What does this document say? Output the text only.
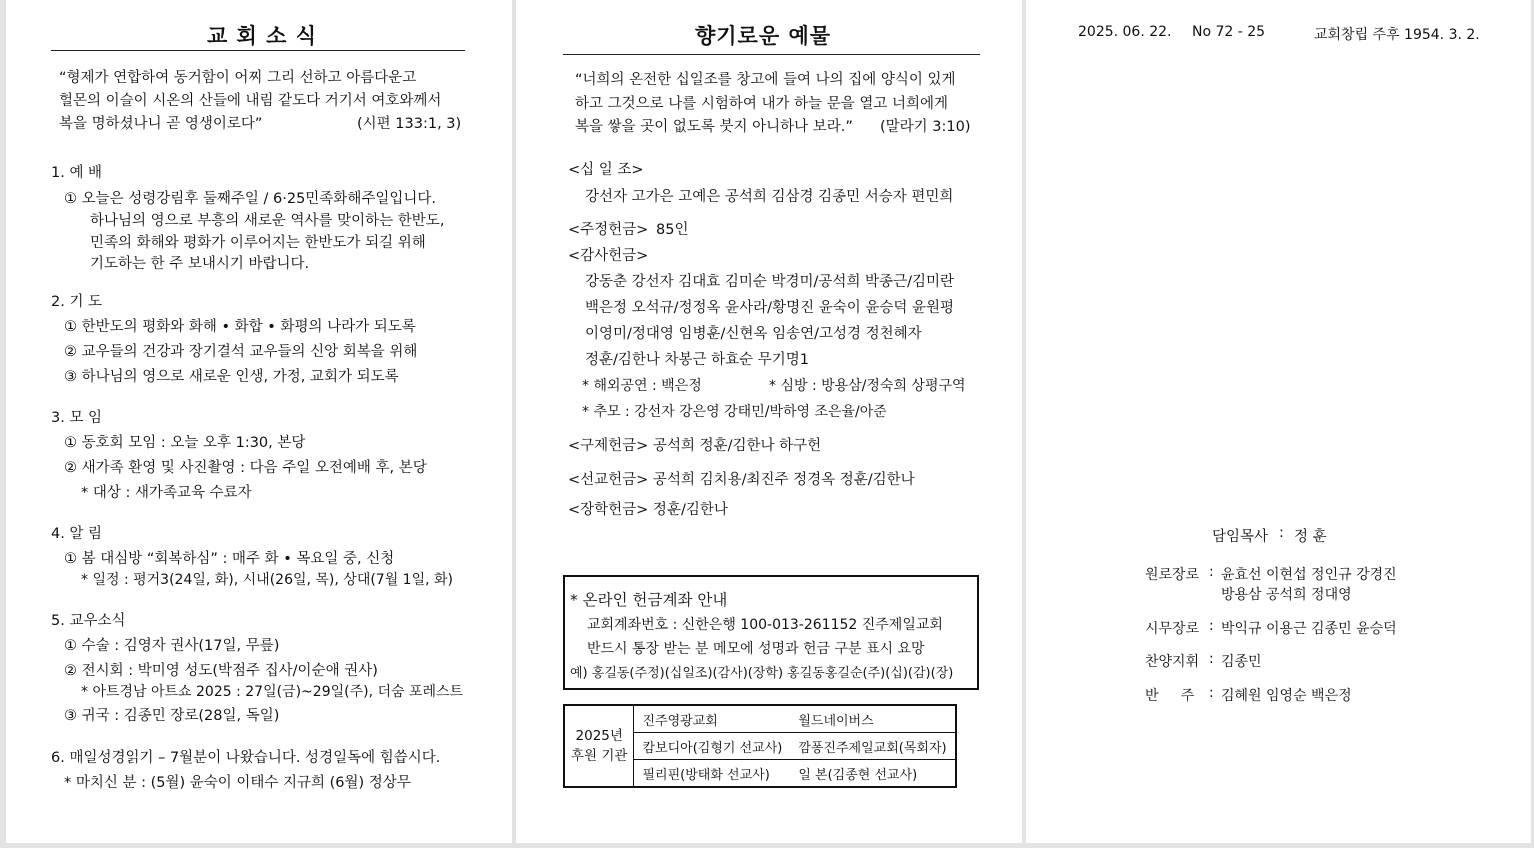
교 회 소 식
“형제가 연합하여 동거함이 어찌 그리 선하고 아름다운고
헐몬의 이슬이 시온의 산들에 내림 같도다 거기서 여호와께서
복을 명하셨나니 곧 영생이로다”	(시편 133:1, 3)
1. 예 배
① 오늘은 성령강림후 둘째주일 / 6·25민족화해주일입니다.
하나님의 영으로 부흥의 새로운 역사를 맞이하는 한반도,
민족의 화해와 평화가 이루어지는 한반도가 되길 위해
기도하는 한 주 보내시기 바랍니다.
2. 기 도
① 한반도의 평화와 화해 • 화합 • 화평의 나라가 되도록
② 교우들의 건강과 장기결석 교우들의 신앙 회복을 위해
③ 하나님의 영으로 새로운 인생, 가정, 교회가 되도록
3. 모 임
① 동호회 모임 : 오늘 오후 1:30, 본당
② 새가족 환영 및 사진촬영 : 다음 주일 오전예배 후, 본당
* 대상 : 새가족교육 수료자
4. 알 림
① 봄 대심방 “회복하심” : 매주 화 • 목요일 중, 신청
* 일정 : 평거3(24일, 화), 시내(26일, 목), 상대(7월 1일, 화)
5. 교우소식
① 수술 : 김영자 권사(17일, 무릎)
② 전시회 : 박미영 성도(박점주 집사/이순애 권사)
* 아트경남 아트쇼 2025 : 27일(금)~29일(주), 더숨 포레스트
③ 귀국 : 김종민 장로(28일, 독일)
6. 매일성경읽기 – 7월분이 나왔습니다. 성경일독에 힘씁시다.
* 마치신 분 : (5월) 윤숙이 이태수 지규희 (6월) 정상무
향기로운 예물
“너희의 온전한 십일조를 창고에 들여 나의 집에 양식이 있게
하고 그것으로 나를 시험하여 내가 하늘 문을 열고 너희에게
복을 쌓을 곳이 없도록 붓지 아니하나 보라.” (말라기 3:10)
<십 일 조>
강선자 고가은 고예은 공석희 김삼경 김종민 서승자 편민희
<주정헌금> 85인
<감사헌금>
강동춘 강선자 김대효 김미순 박경미/공석희 박종근/김미란
백은정 오석규/정정옥 윤사라/황명진 윤숙이 윤승덕 윤원평
이영미/정대영 임병훈/신현옥 임송연/고성경 정천혜자
정훈/김한나 차봉근 하효순 무기명1
* 해외공연 : 백은정	* 심방 : 방용삼/정숙희 상평구역
* 추모 : 강선자 강은영 강태민/박하영 조은율/아준
<구제헌금> 공석희 정훈/김한나 하구헌
<선교헌금> 공석희 김치용/최진주 정경옥 정훈/김한나
<장학헌금> 정훈/김한나
* 온라인 헌금계좌 안내
교회계좌번호 : 신한은행 100-013-261152 진주제일교회
반드시 통장 받는 분 메모에 성명과 헌금 구분 표시 요망
예) 홍길동(주정)(십일조)(감사)(장학) 홍길동홍길순(주)(십)(감)(장)
2025년
후원 기관	진주영광교회	월드네이버스
	캄보디아(김형기 선교사)	깜퐁진주제일교회(목회자)
	필리핀(방태화 선교사)	일 본(김종현 선교사)
2025. 06. 22. No 72 - 25	교회창립 주후 1954. 3. 2.
담임목사 : 정 훈
원로장로 : 윤효선 이현섭 정인규 강경진
방용삼 공석희 정대영
시무장로 : 박익규 이용근 김종민 윤승덕
찬양지휘 : 김종민
반     주 : 김혜원 임영순 백은정
